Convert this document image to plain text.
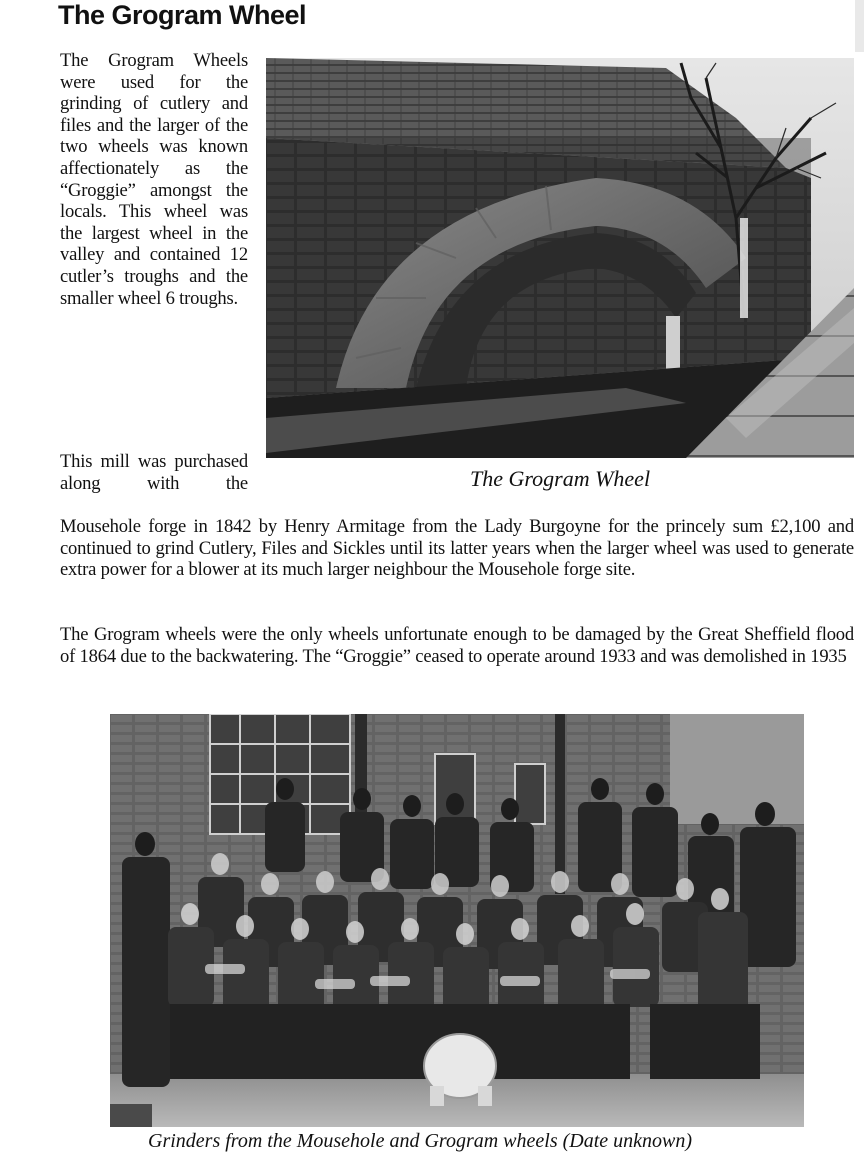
The Grogram Wheel
The Grogram Wheels were used for the grinding of cutlery and files and the larger of the two wheels was known affectionately as the “Groggie” amongst the locals. This wheel was the largest wheel in the valley and contained 12 cutler’s troughs and the smaller wheel 6 troughs.
The Grogram Wheel
This mill was purchased along with the
Mousehole forge in 1842 by Henry Armitage from the Lady Burgoyne for the princely sum £2,100 and continued to grind Cutlery, Files and Sickles until its latter years when the larger wheel was used to generate extra power for a blower at its much larger neighbour the Mousehole forge site.
The Grogram wheels were the only wheels unfortunate enough to be damaged by the Great Sheffield flood of 1864 due to the backwatering. The “Groggie” ceased to operate around 1933 and was demolished in 1935
Grinders from the Mousehole and Grogram wheels (Date unknown)
